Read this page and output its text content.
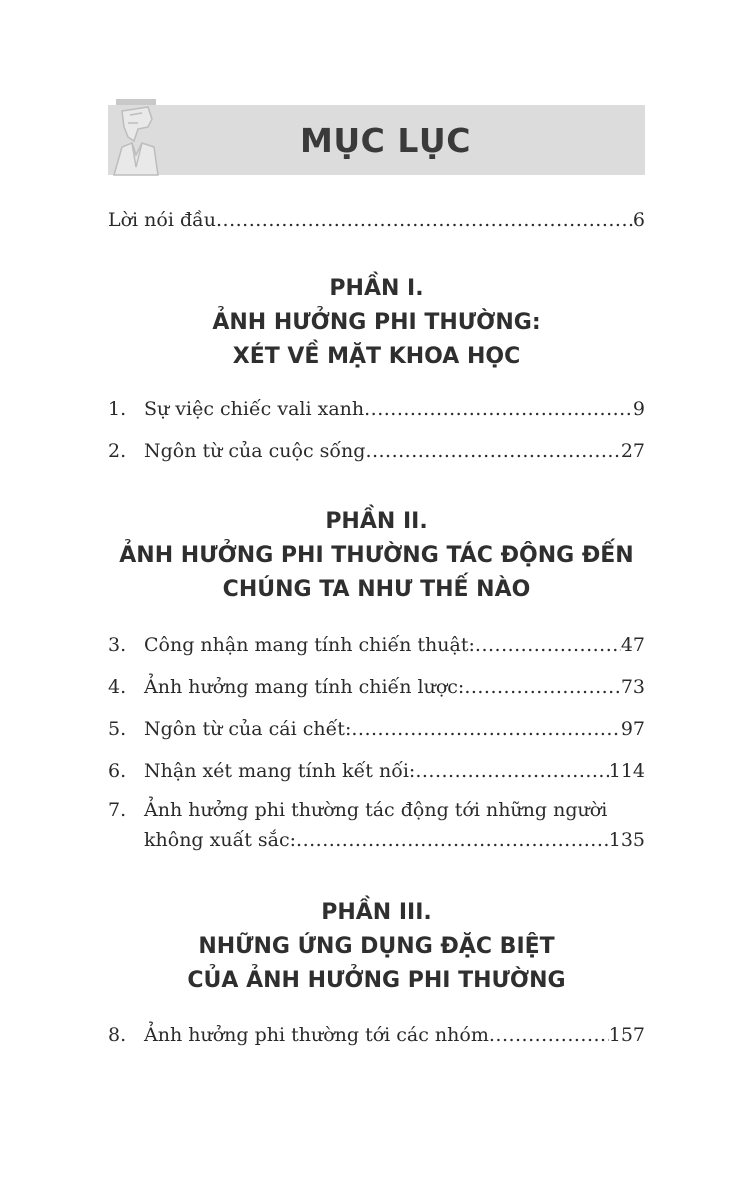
MỤC LỤC
Lời nói đầu .....	6
PHẦN I.
ẢNH HƯỞNG PHI THƯỜNG:
XÉT VỀ MẶT KHOA HỌC
1. Sự việc chiếc vali xanh .....	9
2. Ngôn từ của cuộc sống .....	27
PHẦN II.
ẢNH HƯỞNG PHI THƯỜNG TÁC ĐỘNG ĐẾN
CHÚNG TA NHƯ THẾ NÀO
3. Công nhận mang tính chiến thuật: .....	47
4. Ảnh hưởng mang tính chiến lược: .....	73
5. Ngôn từ của cái chết: .....	97
6. Nhận xét mang tính kết nối: .....	114
7. Ảnh hưởng phi thường tác động tới những người
không xuất sắc: .....	135
PHẦN III.
NHỮNG ỨNG DỤNG ĐẶC BIỆT
CỦA ẢNH HƯỞNG PHI THƯỜNG
8. Ảnh hưởng phi thường tới các nhóm .....	157
